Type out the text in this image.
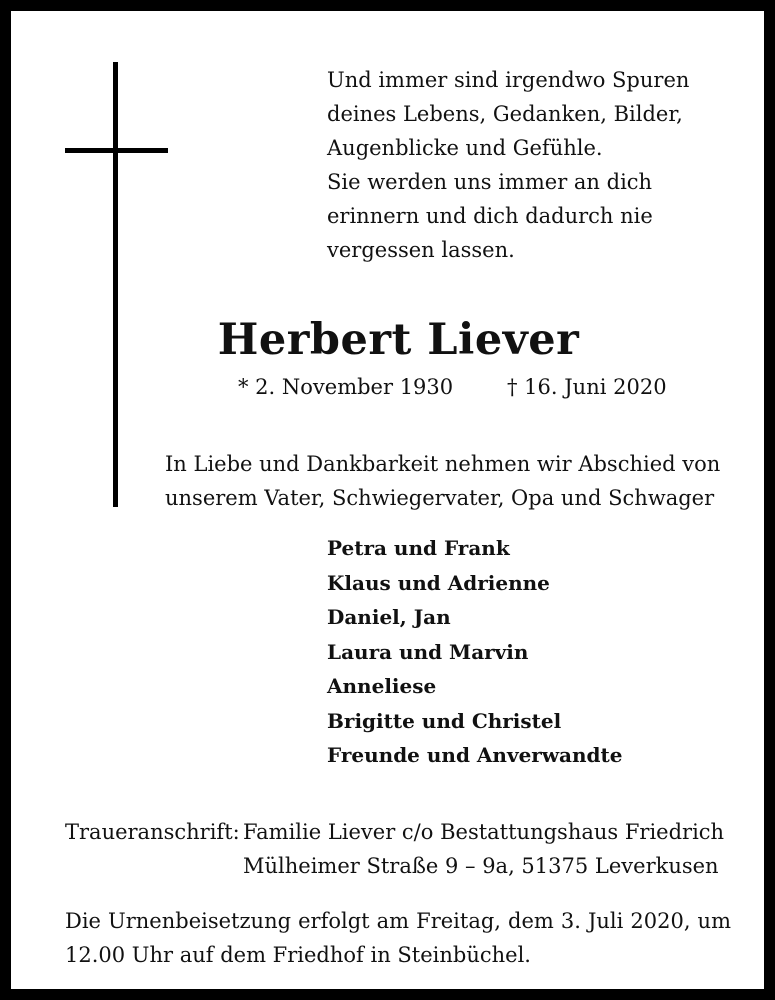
Und immer sind irgendwo Spuren
deines Lebens, Gedanken, Bilder,
Augenblicke und Gefühle.
Sie werden uns immer an dich
erinnern und dich dadurch nie
vergessen lassen.
Herbert Liever
* 2. November 1930	† 16. Juni 2020
In Liebe und Dankbarkeit nehmen wir Abschied von
unserem Vater, Schwiegervater, Opa und Schwager
Petra und Frank
Klaus und Adrienne
Daniel, Jan
Laura und Marvin
Anneliese
Brigitte und Christel
Freunde und Anverwandte
Traueranschrift: Familie Liever c/o Bestattungshaus Friedrich
Mülheimer Straße 9 – 9a, 51375 Leverkusen
Die Urnenbeisetzung erfolgt am Freitag, dem 3. Juli 2020, um
12.00 Uhr auf dem Friedhof in Steinbüchel.
